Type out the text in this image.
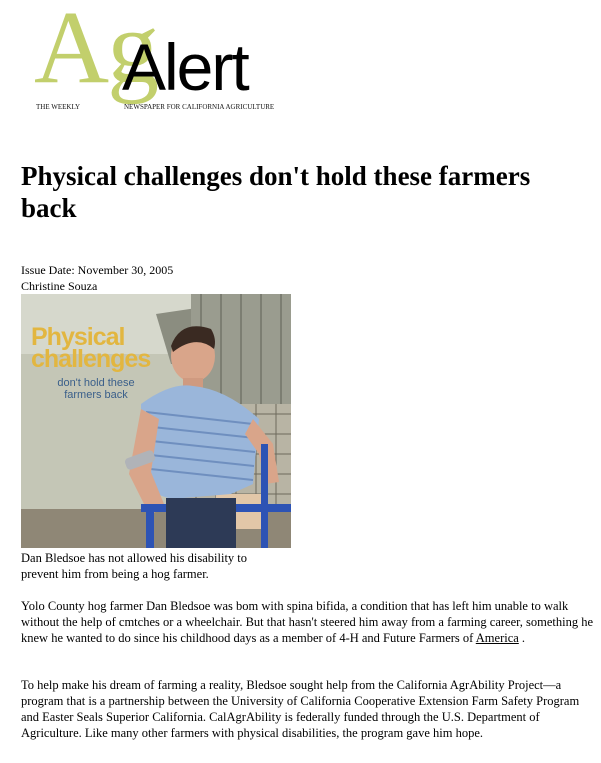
Ag
Alert
THE WEEKLY	NEWSPAPER FOR CALIFORNIA AGRICULTURE
Physical challenges don't hold these farmers back
Issue Date: November 30, 2005
Christine Souza
Physical
challenges
don't hold these farmers back

Dan Bledsoe has not allowed his disability to prevent him from being a hog farmer.

Yolo County hog farmer Dan Bledsoe was bom with spina bifida, a condition that has left him unable to walk without the help of cmtches or a wheelchair. But that hasn't steered him away from a farming career, something he knew he wanted to do since his childhood days as a member of 4-H and Future Farmers of America .

To help make his dream of farming a reality, Bledsoe sought help from the California AgrAbility Project—a program that is a partnership between the University of California Cooperative Extension Farm Safety Program and Easter Seals Superior California. CalAgrAbility is federally funded through the U.S. Department of Agriculture. Like many other farmers with physical disabilities, the program gave him hope.
